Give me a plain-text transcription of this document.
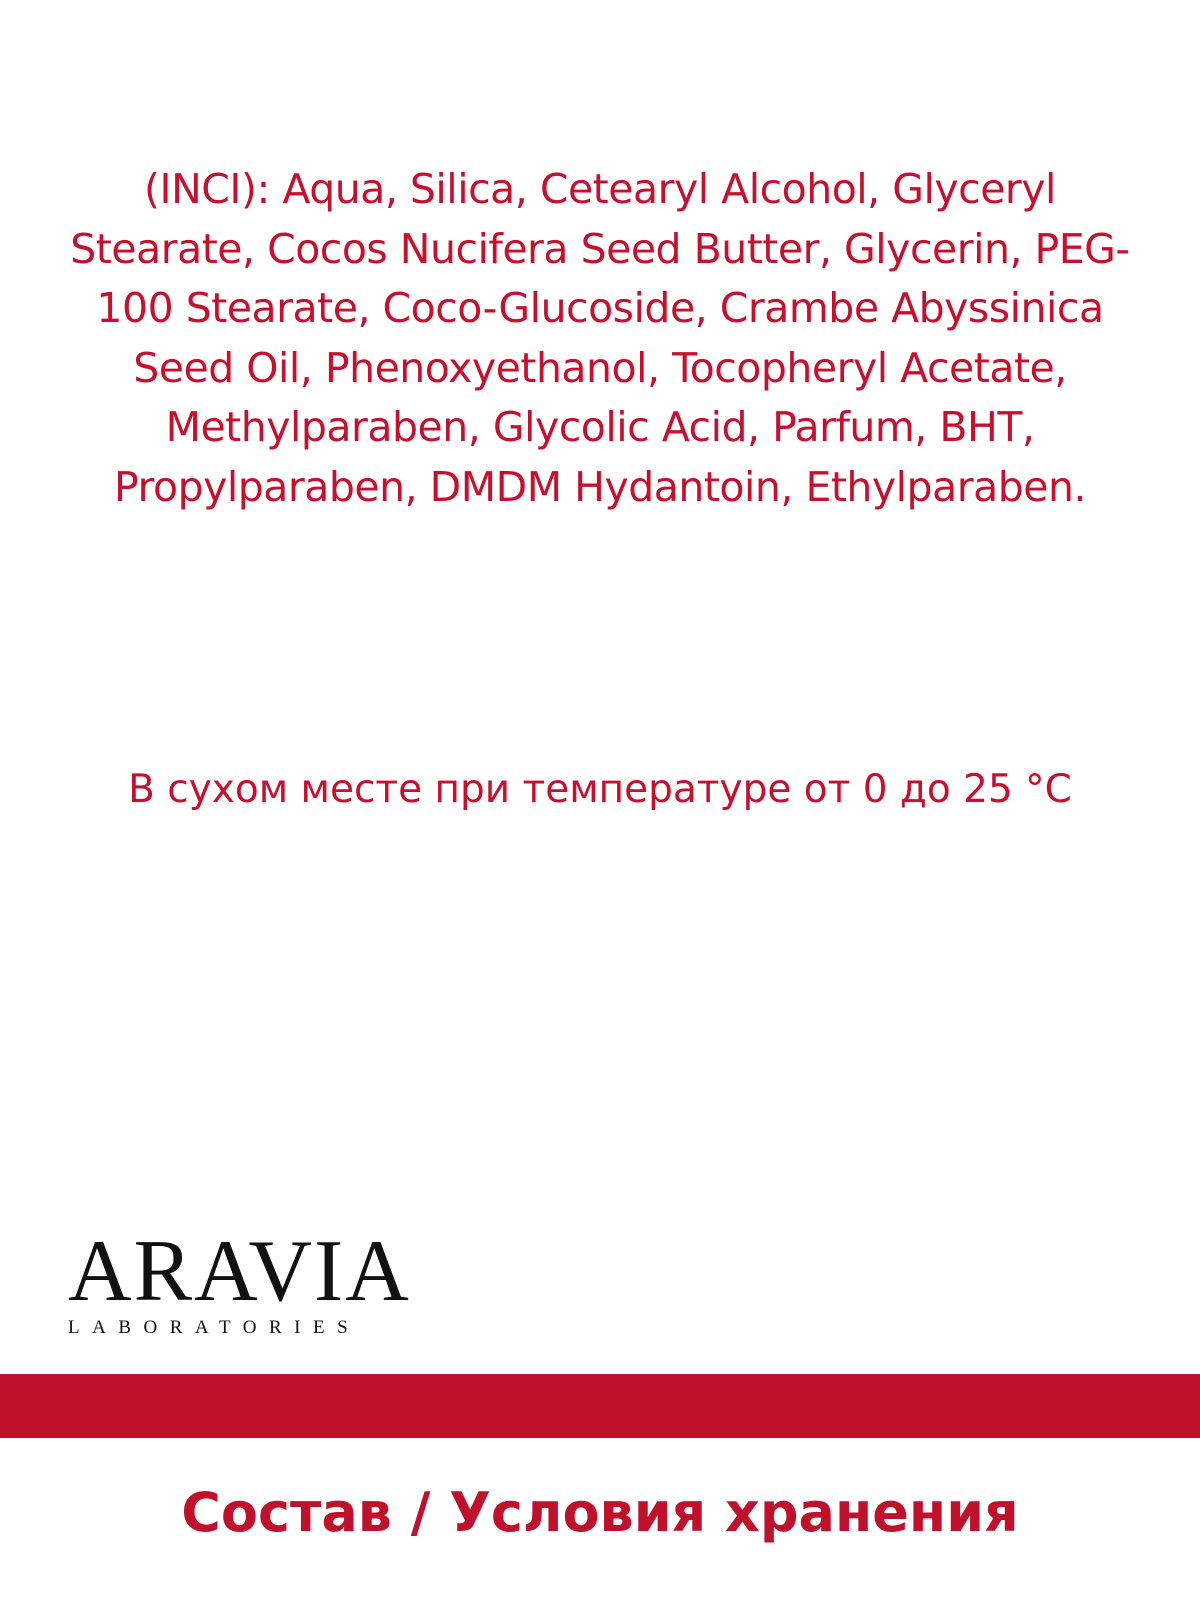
(INCI): Aqua, Silica, Cetearyl Alcohol, Glyceryl Stearate, Cocos Nucifera Seed Butter, Glycerin, PEG-100 Stearate, Coco-Glucoside, Crambe Abyssinica Seed Oil, Phenoxyethanol, Tocopheryl Acetate, Methylparaben, Glycolic Acid, Parfum, BHT, Propylparaben, DMDM Hydantoin, Ethylparaben.
В сухом месте при температуре от 0 до 25 °C
ARAVIA
LABORATORIES
Состав / Условия хранения
